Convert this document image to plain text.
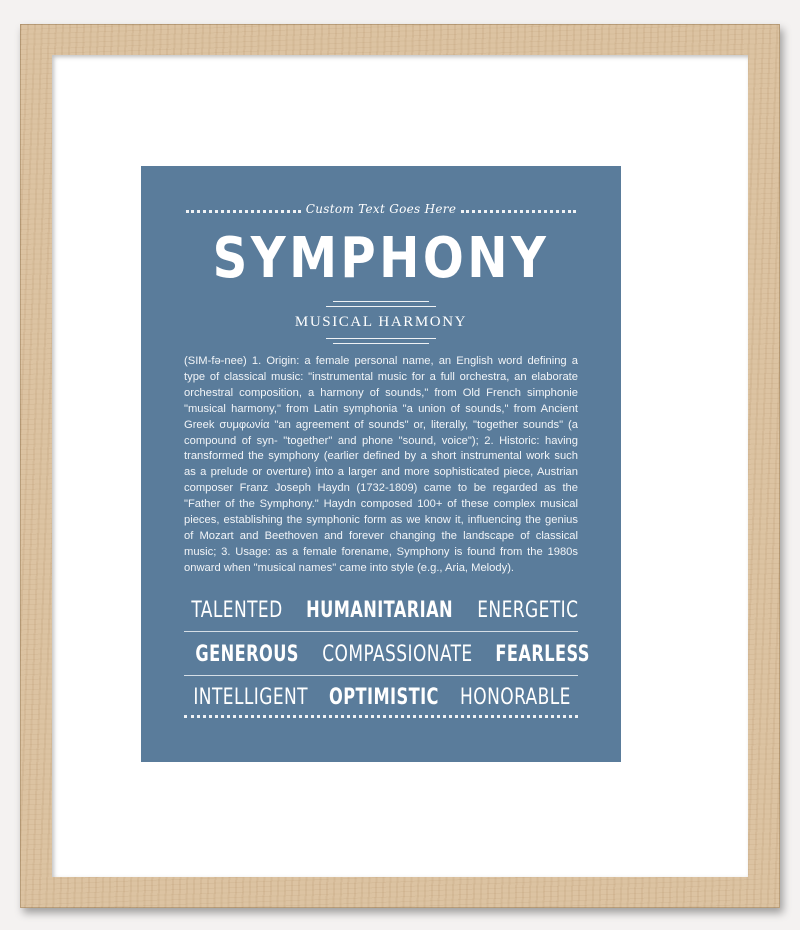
Custom Text Goes Here
SYMPHONY
MUSICAL HARMONY
(SIM-fə-nee) 1. Origin: a female personal name, an English word defining a type of classical music: "instrumental music for a full orchestra, an elaborate orchestral composition, a harmony of sounds," from Old French simphonie "musical harmony," from Latin symphonia "a union of sounds," from Ancient Greek συμφωνία "an agreement of sounds" or, literally, "together sounds" (a compound of syn- "together" and phone "sound, voice"); 2. Historic: having transformed the symphony (earlier defined by a short instrumental work such as a prelude or overture) into a larger and more sophisticated piece, Austrian composer Franz Joseph Haydn (1732-1809) came to be regarded as the "Father of the Symphony." Haydn composed 100+ of these complex musical pieces, establishing the symphonic form as we know it, influencing the genius of Mozart and Beethoven and forever changing the landscape of classical music; 3. Usage: as a female forename, Symphony is found from the 1980s onward when "musical names" came into style (e.g., Aria, Melody).
TALENTED HUMANITARIAN ENERGETIC
GENEROUS COMPASSIONATE FEARLESS
INTELLIGENT OPTIMISTIC HONORABLE
